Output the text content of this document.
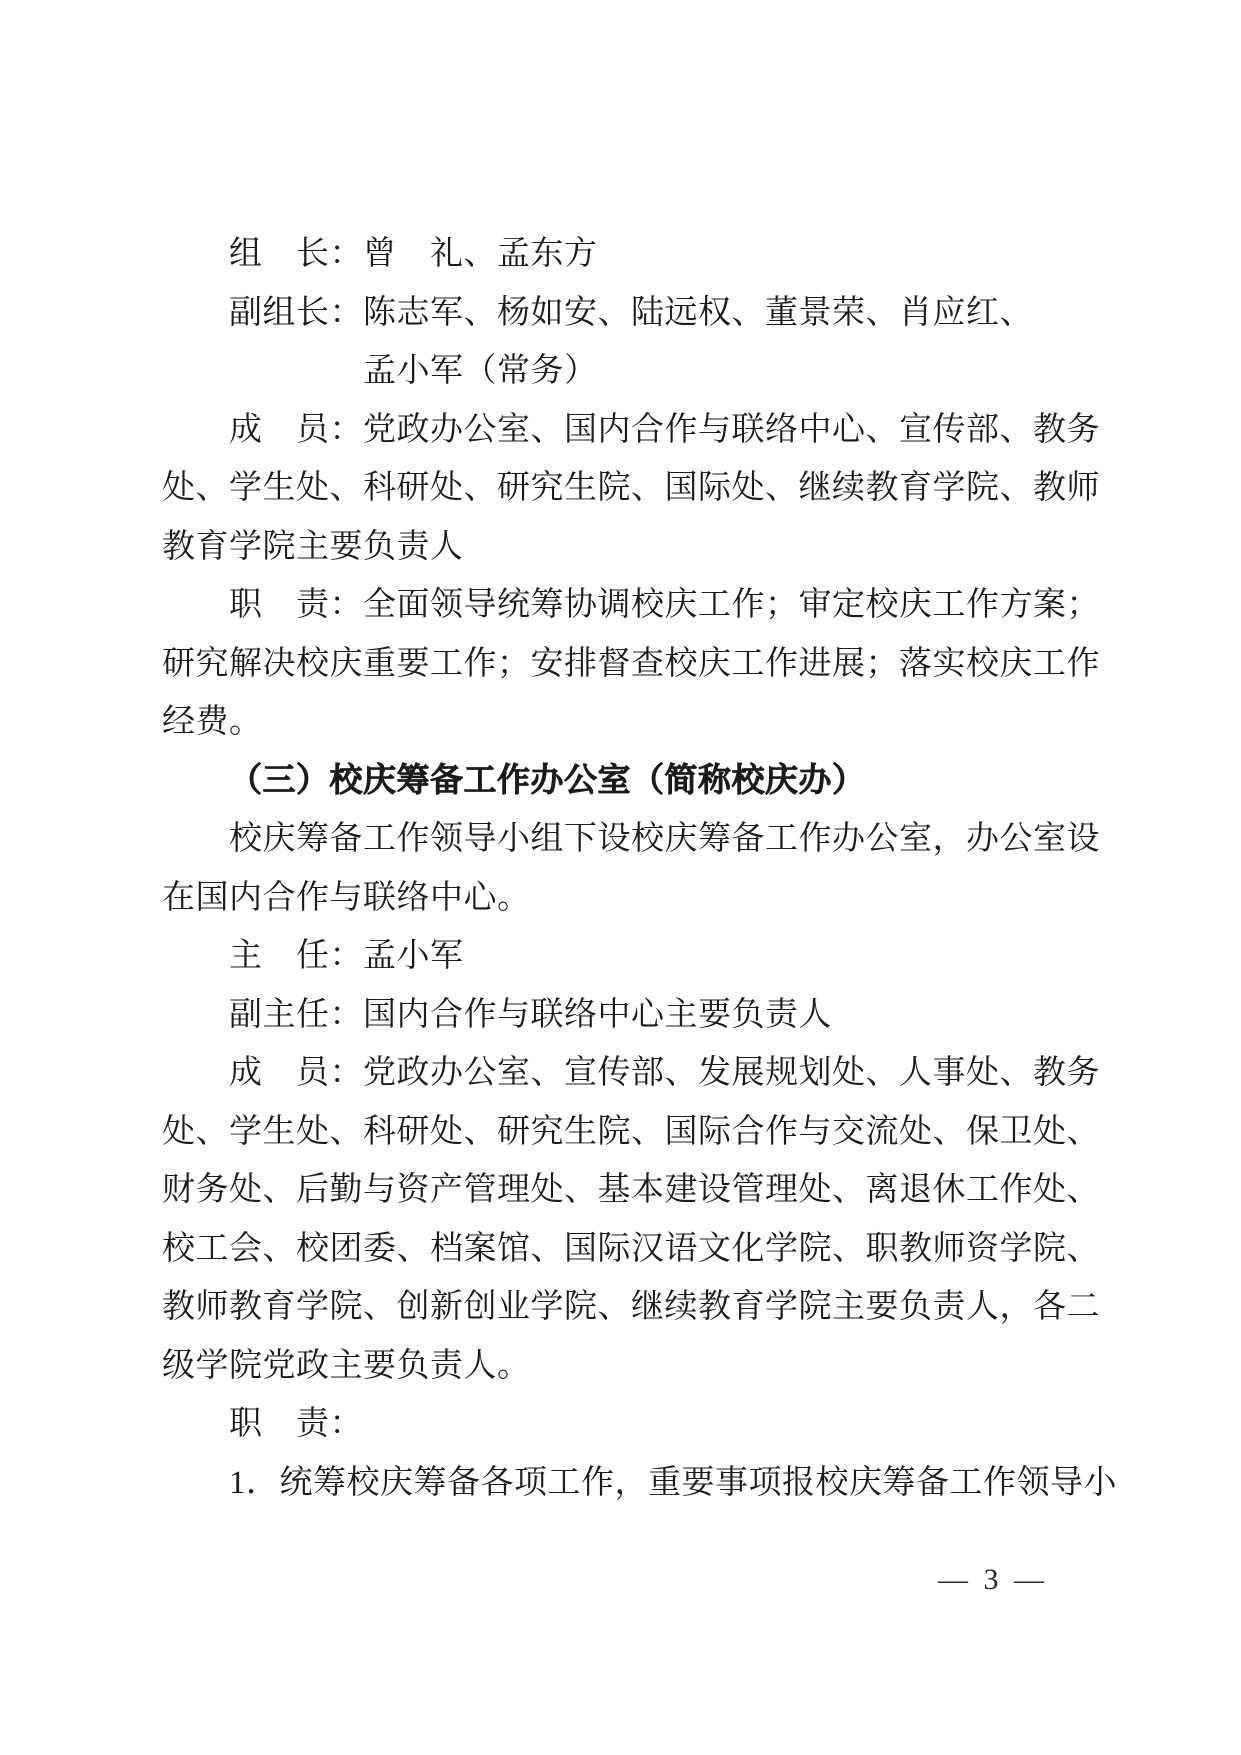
组　长：曾　礼、孟东方
副组长：陈志军、杨如安、陆远权、董景荣、肖应红、
孟小军（常务）
成　员：党政办公室、国内合作与联络中心、宣传部、教务
处、学生处、科研处、研究生院、国际处、继续教育学院、教师
教育学院主要负责人
职　责：全面领导统筹协调校庆工作；审定校庆工作方案；
研究解决校庆重要工作；安排督查校庆工作进展；落实校庆工作
经费。
（三）校庆筹备工作办公室（简称校庆办）
校庆筹备工作领导小组下设校庆筹备工作办公室，办公室设
在国内合作与联络中心。
主　任：孟小军
副主任：国内合作与联络中心主要负责人
成　员：党政办公室、宣传部、发展规划处、人事处、教务
处、学生处、科研处、研究生院、国际合作与交流处、保卫处、
财务处、后勤与资产管理处、基本建设管理处、离退休工作处、
校工会、校团委、档案馆、国际汉语文化学院、职教师资学院、
教师教育学院、创新创业学院、继续教育学院主要负责人，各二
级学院党政主要负责人。
职　责：
1．统筹校庆筹备各项工作，重要事项报校庆筹备工作领导小
— 3 —
